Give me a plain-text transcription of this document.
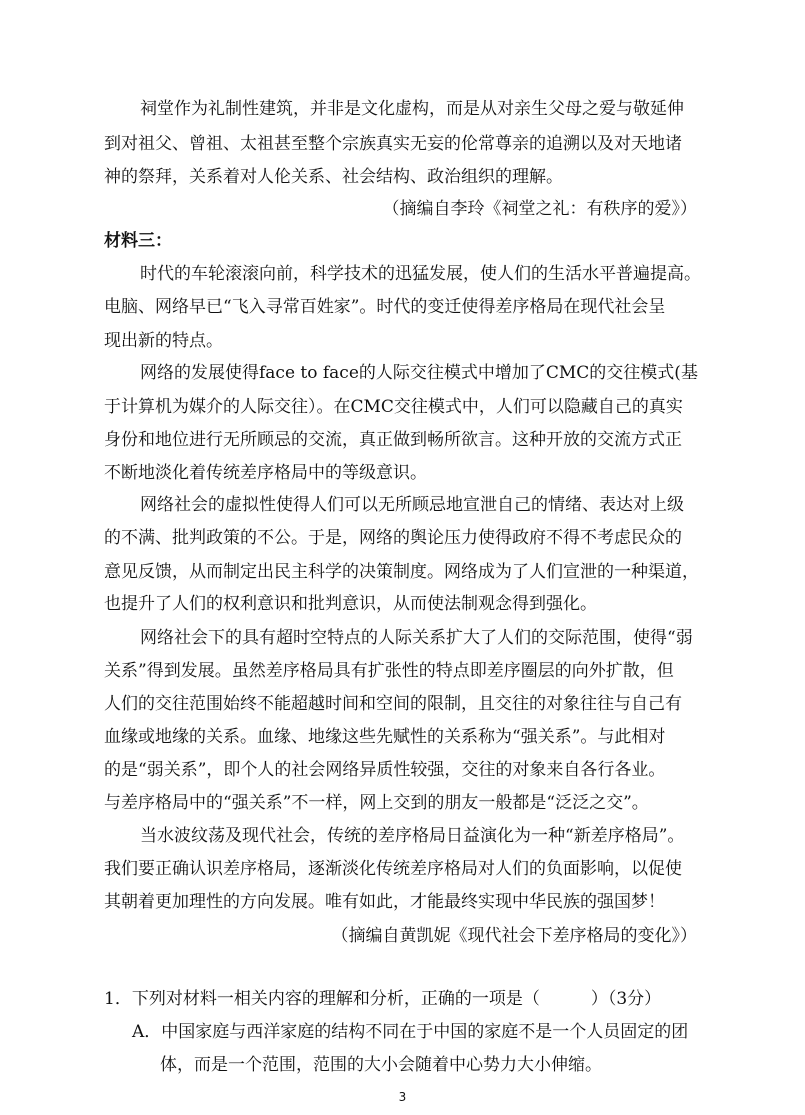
祠堂作为礼制性建筑，并非是文化虚构，而是从对亲生父母之爱与敬延伸
到对祖父、曾祖、太祖甚至整个宗族真实无妄的伦常尊亲的追溯以及对天地诸
神的祭拜，关系着对人伦关系、社会结构、政治组织的理解。
（摘编自李玲《祠堂之礼：有秩序的爱》）
材料三：
时代的车轮滚滚向前，科学技术的迅猛发展，使人们的生活水平普遍提高。
电脑、网络早已“飞入寻常百姓家”。时代的变迁使得差序格局在现代社会呈
现出新的特点。
网络的发展使得face to face的人际交往模式中增加了CMC的交往模式(基
于计算机为媒介的人际交往）。在CMC交往模式中，人们可以隐藏自己的真实
身份和地位进行无所顾忌的交流，真正做到畅所欲言。这种开放的交流方式正
不断地淡化着传统差序格局中的等级意识。
网络社会的虚拟性使得人们可以无所顾忌地宣泄自己的情绪、表达对上级
的不满、批判政策的不公。于是，网络的舆论压力使得政府不得不考虑民众的
意见反馈，从而制定出民主科学的决策制度。网络成为了人们宣泄的一种渠道，
也提升了人们的权利意识和批判意识，从而使法制观念得到强化。
网络社会下的具有超时空特点的人际关系扩大了人们的交际范围，使得“弱
关系”得到发展。虽然差序格局具有扩张性的特点即差序圈层的向外扩散，但
人们的交往范围始终不能超越时间和空间的限制，且交往的对象往往与自己有
血缘或地缘的关系。血缘、地缘这些先赋性的关系称为“强关系”。与此相对
的是“弱关系”，即个人的社会网络异质性较强，交往的对象来自各行各业。
与差序格局中的“强关系”不一样，网上交到的朋友一般都是“泛泛之交”。
当水波纹荡及现代社会，传统的差序格局日益演化为一种“新差序格局”。
我们要正确认识差序格局，逐渐淡化传统差序格局对人们的负面影响，以促使
其朝着更加理性的方向发展。唯有如此，才能最终实现中华民族的强国梦！
（摘编自黄凯妮《现代社会下差序格局的变化》）
1．下列对材料一相关内容的理解和分析，正确的一项是（　　　）（3分）
A．中国家庭与西洋家庭的结构不同在于中国的家庭不是一个人员固定的团
体，而是一个范围，范围的大小会随着中心势力大小伸缩。
3
